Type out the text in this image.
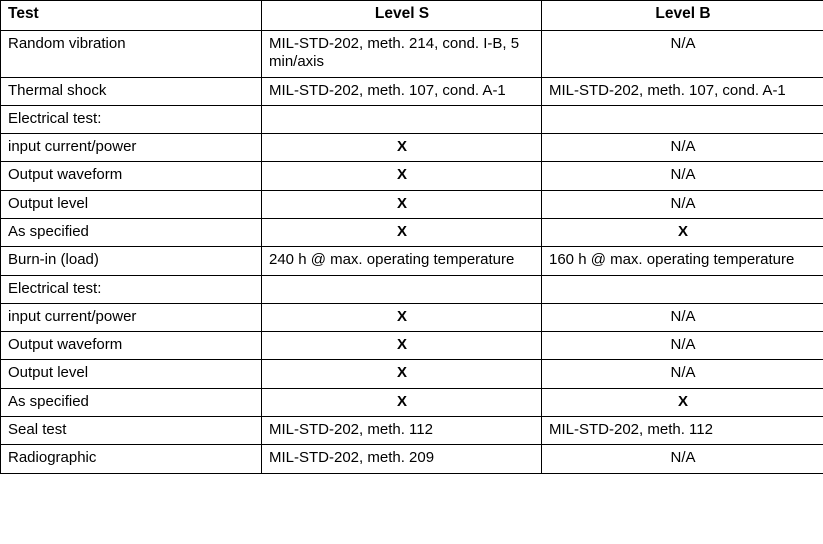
Test	Level S	Level B
Random vibration	MIL-STD-202, meth. 214, cond. I-B, 5 min/axis	N/A
Thermal shock	MIL-STD-202, meth. 107, cond. A-1	MIL-STD-202, meth. 107, cond. A-1
Electrical test:		
input current/power	X	N/A
Output waveform	X	N/A
Output level	X	N/A
As specified	X	X
Burn-in (load)	240 h @ max. operating temperature	160 h @ max. operating temperature
Electrical test:		
input current/power	X	N/A
Output waveform	X	N/A
Output level	X	N/A
As specified	X	X
Seal test	MIL-STD-202, meth. 112	MIL-STD-202, meth. 112
Radiographic	MIL-STD-202, meth. 209	N/A
